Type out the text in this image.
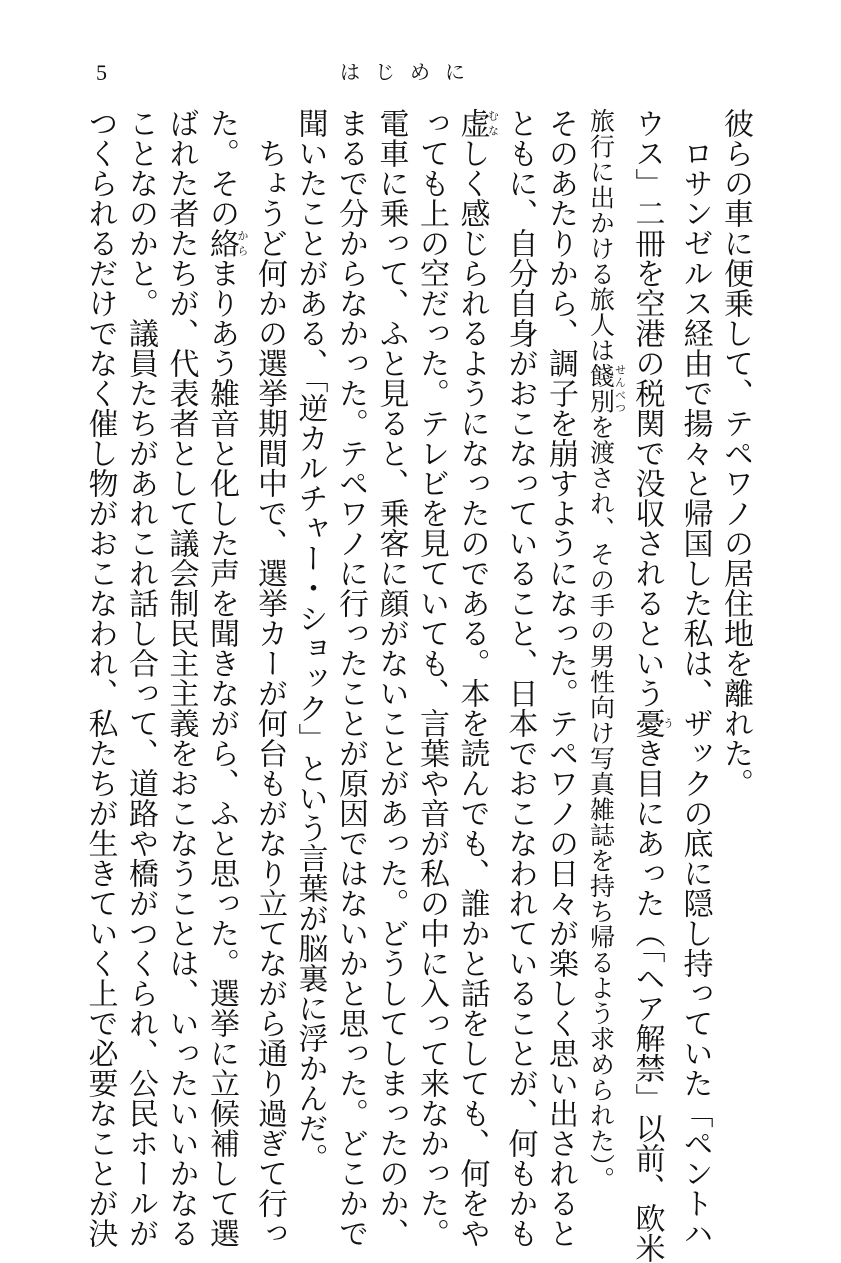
5	はじめに
彼らの車に便乗して、テペワノの居住地を離れた。
　ロサンゼルス経由で揚々と帰国した私は、ザックの底に隠し持っていた「ペントハ
ウス」二冊を空港の税関で没収されるという憂うき目にあった（「ヘア解禁」以前、欧米
旅行に出かける旅人は餞別せんべつを渡され、その手の男性向け写真雑誌を持ち帰るよう求められた）。
そのあたりから、調子を崩すようになった。テペワノの日々が楽しく思い出されると
ともに、自分自身がおこなっていること、日本でおこなわれていることが、何もかも
虚むなしく感じられるようになったのである。本を読んでも、誰かと話をしても、何をや
っても上の空だった。テレビを見ていても、言葉や音が私の中に入って来なかった。
電車に乗って、ふと見ると、乗客に顔がないことがあった。どうしてしまったのか、
まるで分からなかった。テペワノに行ったことが原因ではないかと思った。どこかで
聞いたことがある、「逆カルチャー・ショック」という言葉が脳裏に浮かんだ。
　ちょうど何かの選挙期間中で、選挙カーが何台もがなり立てながら通り過ぎて行っ
た。その絡からまりあう雑音と化した声を聞きながら、ふと思った。選挙に立候補して選
ばれた者たちが、代表者として議会制民主主義をおこなうことは、いったいいかなる
ことなのかと。議員たちがあれこれ話し合って、道路や橋がつくられ、公民ホールが
つくられるだけでなく催し物がおこなわれ、私たちが生きていく上で必要なことが決
